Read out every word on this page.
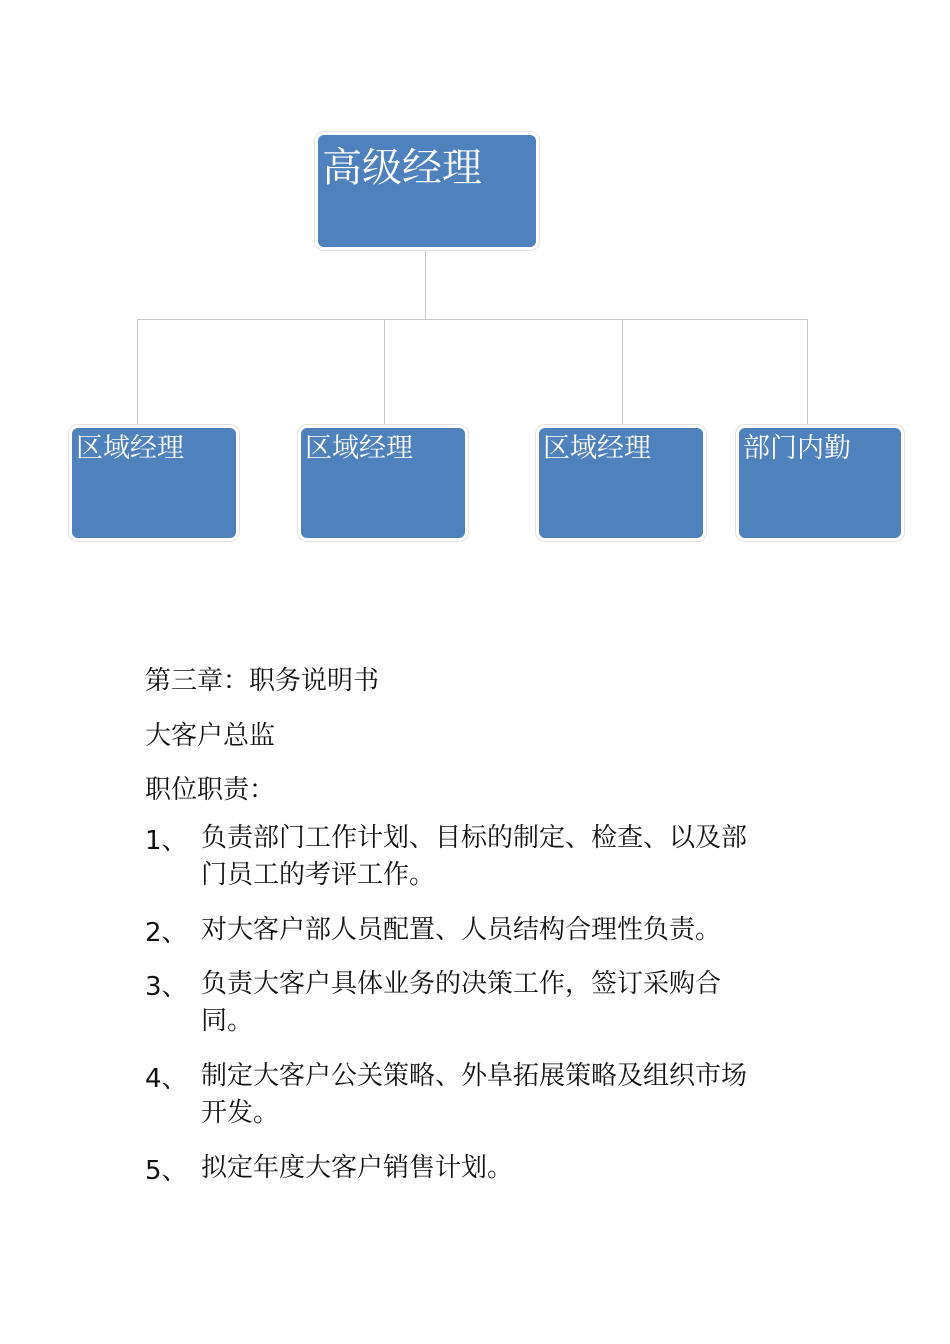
高级经理
区域经理	区域经理	区域经理	部门内勤
第三章：职务说明书
大客户总监
职位职责：
1、 负责部门工作计划、目标的制定、检查、以及部门员工的考评工作。
2、 对大客户部人员配置、人员结构合理性负责。
3、 负责大客户具体业务的决策工作，签订采购合同。
4、 制定大客户公关策略、外阜拓展策略及组织市场开发。
5、 拟定年度大客户销售计划。
